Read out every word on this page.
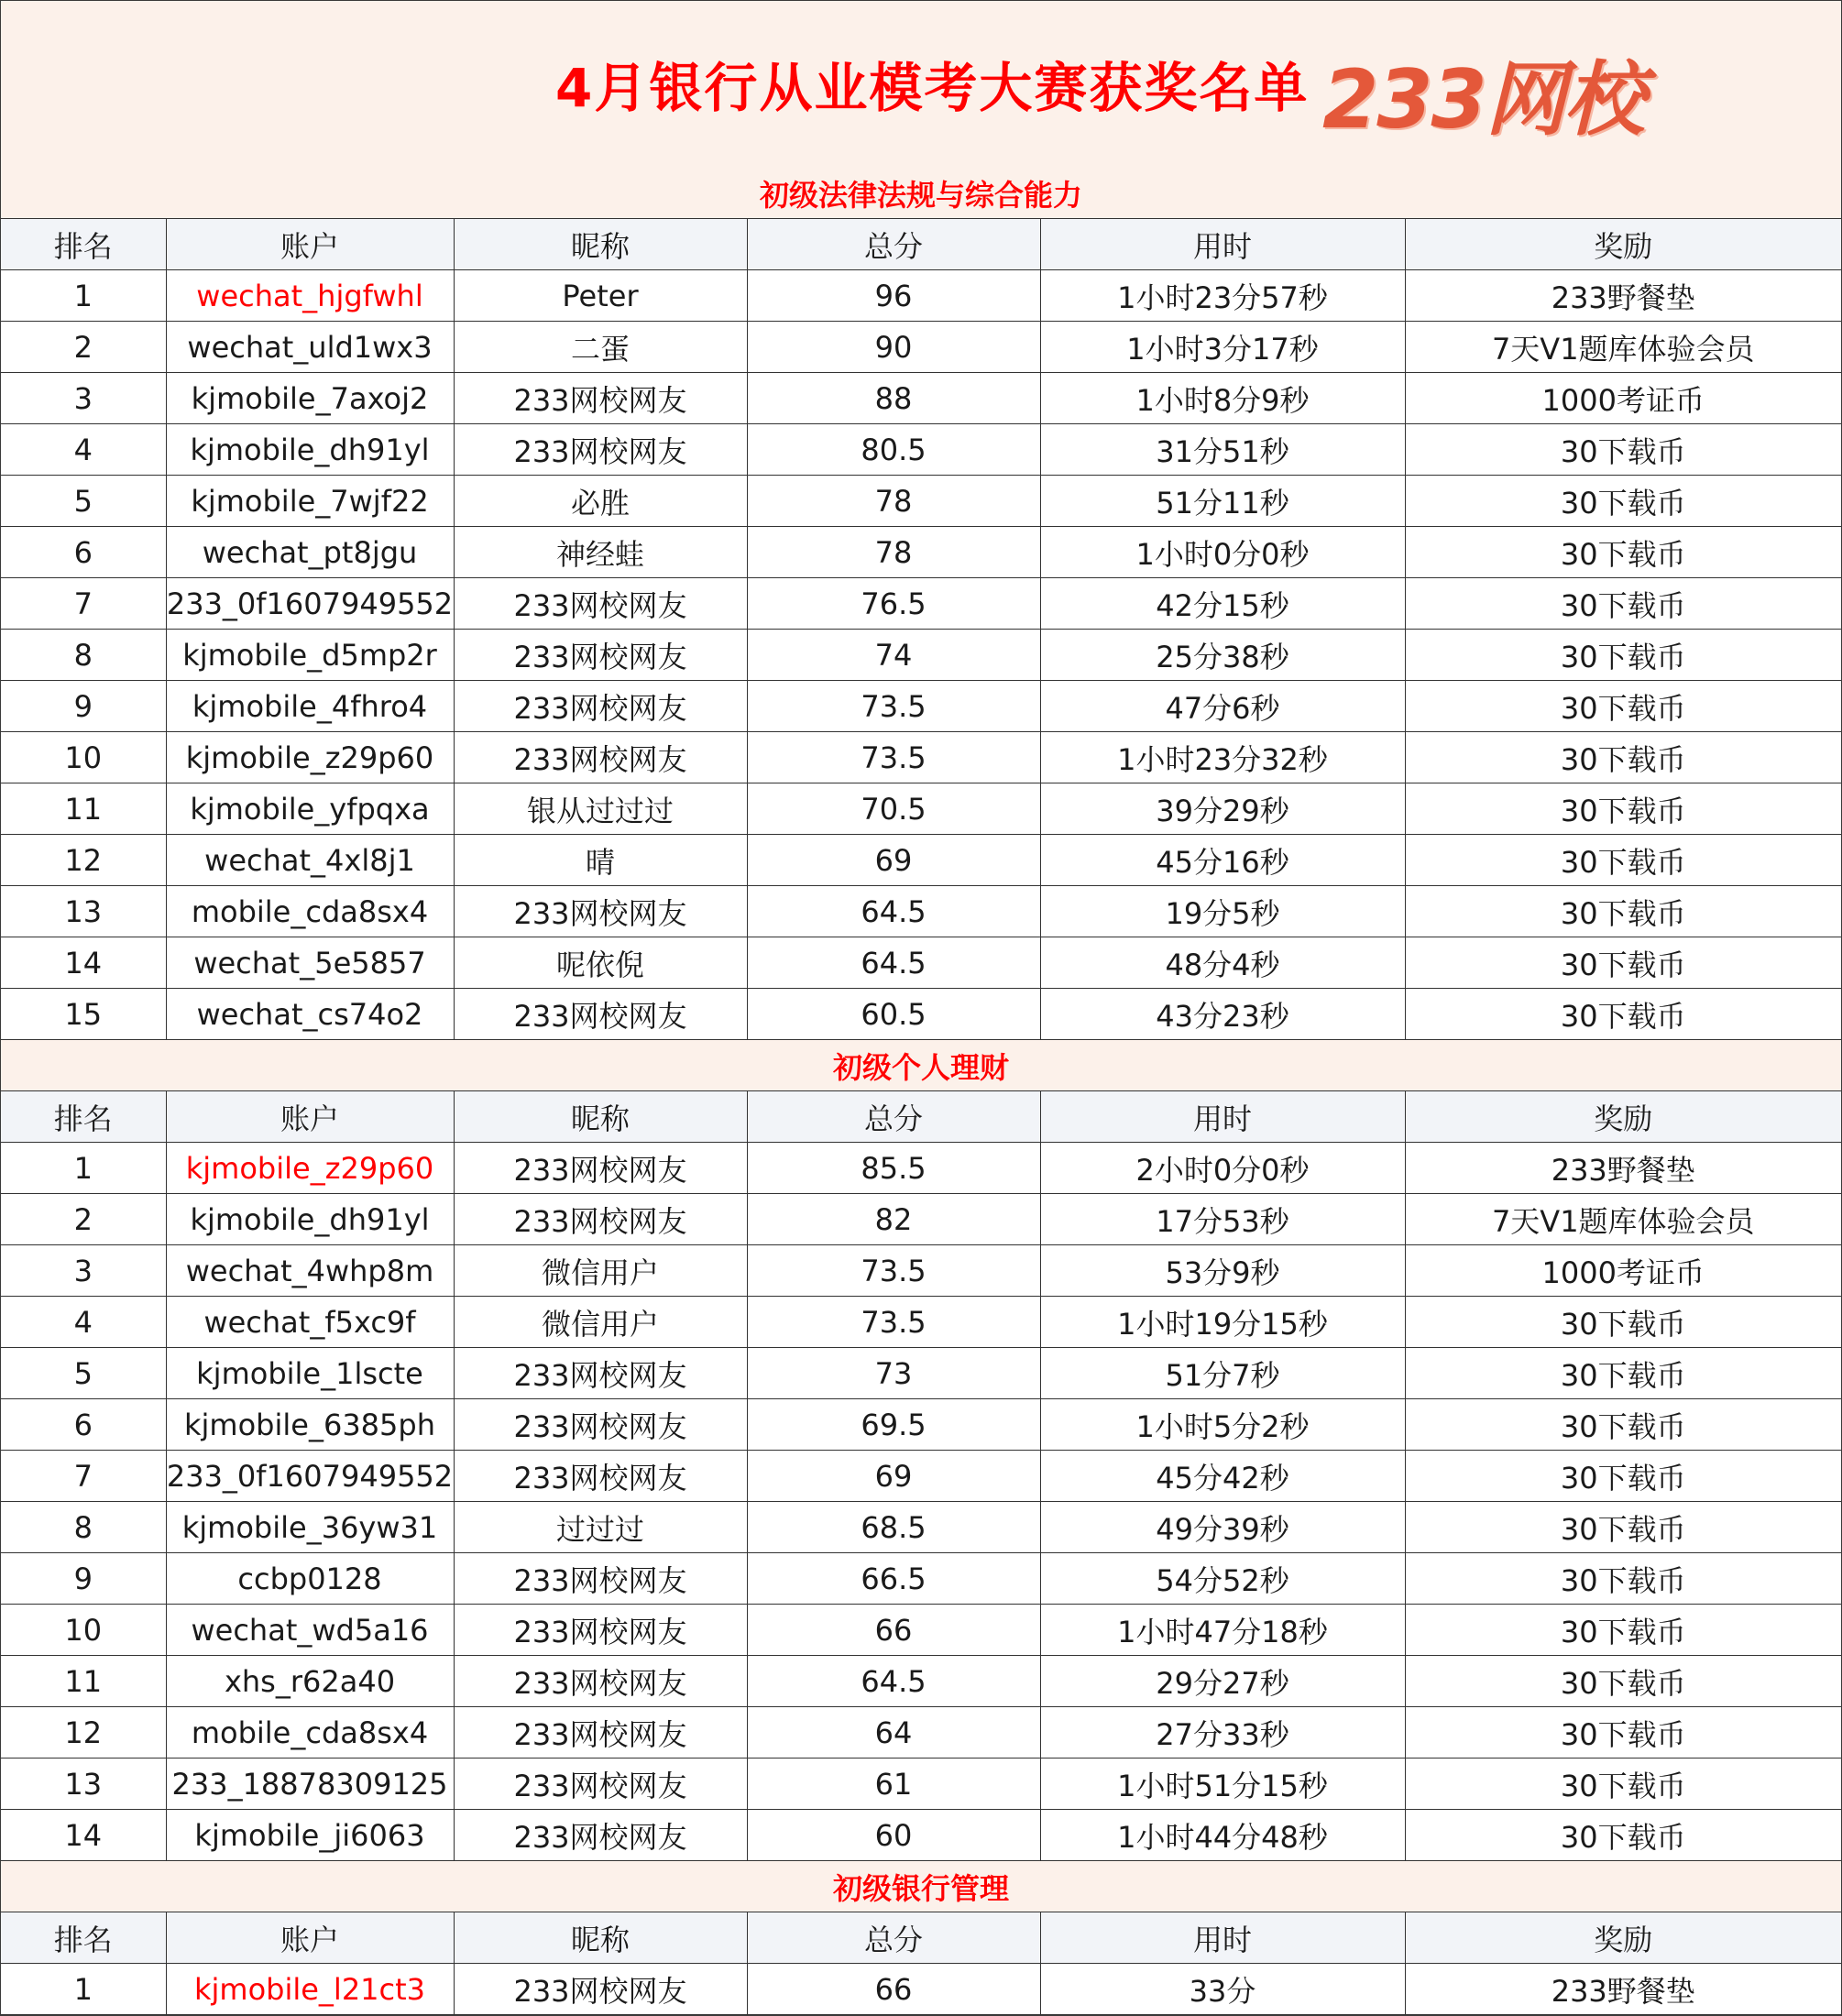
4月银行从业模考大赛获奖名单 233网校
初级法律法规与综合能力
排名	账户	昵称	总分	用时	奖励
1	wechat_hjgfwhl	Peter	96	1小时23分57秒	233野餐垫
2	wechat_uld1wx3	二蛋	90	1小时3分17秒	7天V1题库体验会员
3	kjmobile_7axoj2	233网校网友	88	1小时8分9秒	1000考证币
4	kjmobile_dh91yl	233网校网友	80.5	31分51秒	30下载币
5	kjmobile_7wjf22	必胜	78	51分11秒	30下载币
6	wechat_pt8jgu	神经蛙	78	1小时0分0秒	30下载币
7	233_0f1607949552	233网校网友	76.5	42分15秒	30下载币
8	kjmobile_d5mp2r	233网校网友	74	25分38秒	30下载币
9	kjmobile_4fhro4	233网校网友	73.5	47分6秒	30下载币
10	kjmobile_z29p60	233网校网友	73.5	1小时23分32秒	30下载币
11	kjmobile_yfpqxa	银从过过过	70.5	39分29秒	30下载币
12	wechat_4xl8j1	晴	69	45分16秒	30下载币
13	mobile_cda8sx4	233网校网友	64.5	19分5秒	30下载币
14	wechat_5e5857	呢依倪	64.5	48分4秒	30下载币
15	wechat_cs74o2	233网校网友	60.5	43分23秒	30下载币
初级个人理财
排名	账户	昵称	总分	用时	奖励
1	kjmobile_z29p60	233网校网友	85.5	2小时0分0秒	233野餐垫
2	kjmobile_dh91yl	233网校网友	82	17分53秒	7天V1题库体验会员
3	wechat_4whp8m	微信用户	73.5	53分9秒	1000考证币
4	wechat_f5xc9f	微信用户	73.5	1小时19分15秒	30下载币
5	kjmobile_1lscte	233网校网友	73	51分7秒	30下载币
6	kjmobile_6385ph	233网校网友	69.5	1小时5分2秒	30下载币
7	233_0f1607949552	233网校网友	69	45分42秒	30下载币
8	kjmobile_36yw31	过过过	68.5	49分39秒	30下载币
9	ccbp0128	233网校网友	66.5	54分52秒	30下载币
10	wechat_wd5a16	233网校网友	66	1小时47分18秒	30下载币
11	xhs_r62a40	233网校网友	64.5	29分27秒	30下载币
12	mobile_cda8sx4	233网校网友	64	27分33秒	30下载币
13	233_18878309125	233网校网友	61	1小时51分15秒	30下载币
14	kjmobile_ji6063	233网校网友	60	1小时44分48秒	30下载币
初级银行管理
排名	账户	昵称	总分	用时	奖励
1	kjmobile_l21ct3	233网校网友	66	33分	233野餐垫
